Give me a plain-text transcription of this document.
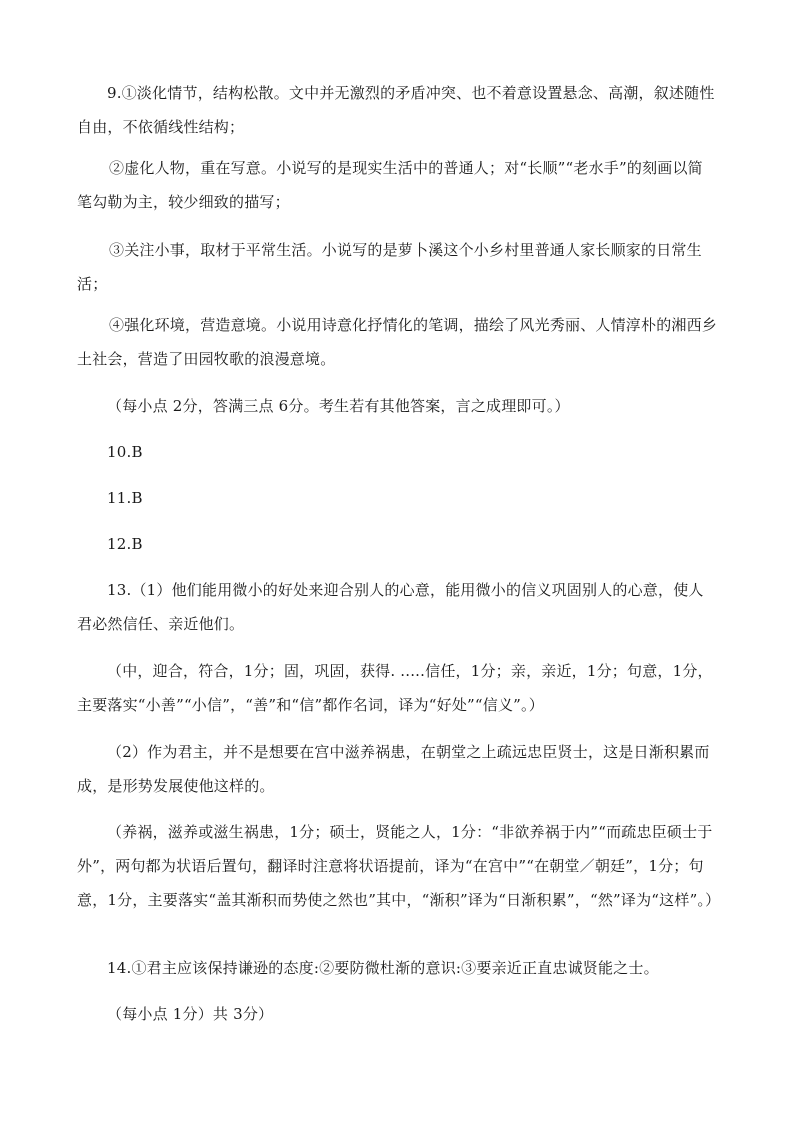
9.①淡化情节，结构松散。文中并无激烈的矛盾冲突、也不着意设置悬念、高潮，叙述随性自由，不依循线性结构；

②虚化人物，重在写意。小说写的是现实生活中的普通人；对“长顺”“老水手”的刻画以简笔勾勒为主，较少细致的描写；

③关注小事，取材于平常生活。小说写的是萝卜溪这个小乡村里普通人家长顺家的日常生活；

④强化环境，营造意境。小说用诗意化抒情化的笔调，描绘了风光秀丽、人情淳朴的湘西乡土社会，营造了田园牧歌的浪漫意境。

（每小点 2分，答满三点 6分。考生若有其他答案，言之成理即可。）

10.B

11.B

12.B

13.（1）他们能用微小的好处来迎合别人的心意，能用微小的信义巩固别人的心意，使人君必然信任、亲近他们。

（中，迎合，符合，1分；固，巩固，获得. .....信任，1分；亲，亲近，1分；句意，1分，主要落实“小善”“小信”，“善”和“信”都作名词，译为“好处”“信义”。）

（2）作为君主，并不是想要在宫中滋养祸患，在朝堂之上疏远忠臣贤士，这是日渐积累而成，是形势发展使他这样的。

（养祸，滋养或滋生祸患，1分；硕士，贤能之人，1分：“非欲养祸于内”“而疏忠臣硕士于外”，两句都为状语后置句，翻译时注意将状语提前，译为“在宫中”“在朝堂／朝廷”，1分；句意，1分，主要落实“盖其渐积而势使之然也”其中，“渐积”译为“日渐积累”，“然”译为“这样”。）

14.①君主应该保持谦逊的态度:②要防微杜渐的意识:③要亲近正直忠诚贤能之士。

（每小点 1分）共 3分）
